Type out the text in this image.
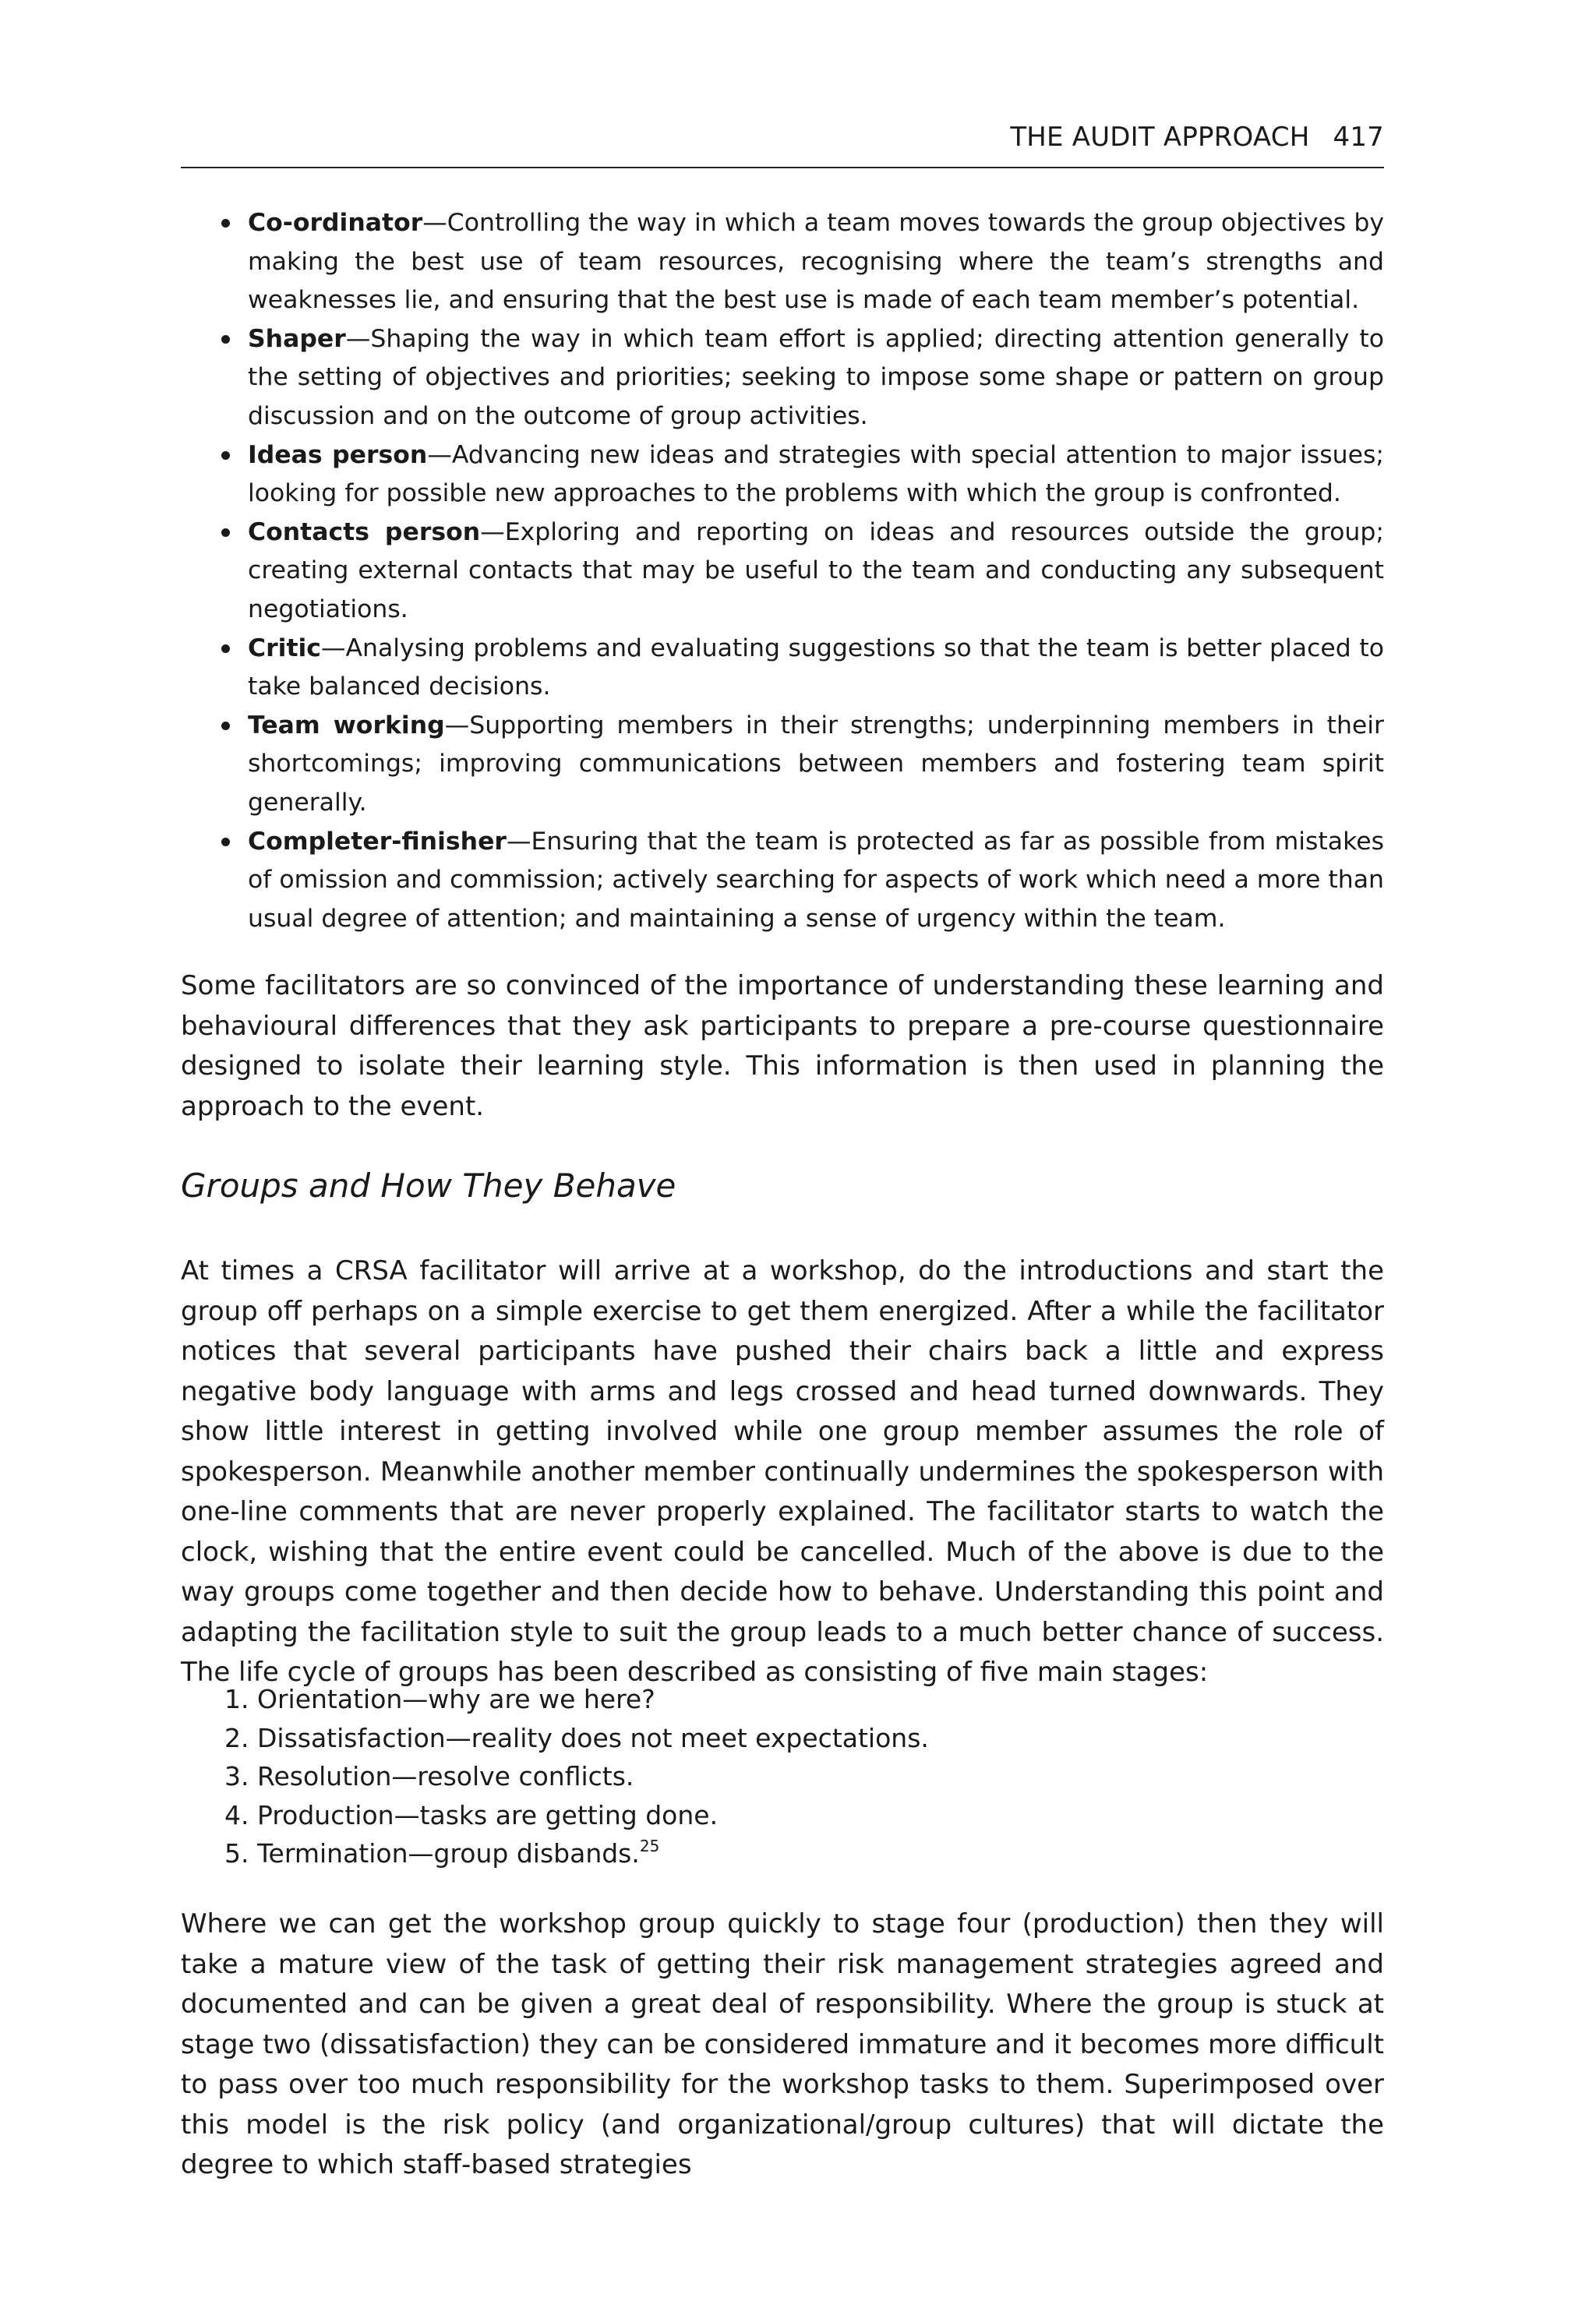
THE AUDIT APPROACH 417
Co-ordinator—Controlling the way in which a team moves towards the group objectives by making the best use of team resources, recognising where the team’s strengths and weaknesses lie, and ensuring that the best use is made of each team member’s potential.
Shaper—Shaping the way in which team effort is applied; directing attention generally to the setting of objectives and priorities; seeking to impose some shape or pattern on group discussion and on the outcome of group activities.
Ideas person—Advancing new ideas and strategies with special attention to major issues; looking for possible new approaches to the problems with which the group is confronted.
Contacts person—Exploring and reporting on ideas and resources outside the group; creating external contacts that may be useful to the team and conducting any subsequent negotiations.
Critic—Analysing problems and evaluating suggestions so that the team is better placed to take balanced decisions.
Team working—Supporting members in their strengths; underpinning members in their shortcomings; improving communications between members and fostering team spirit generally.
Completer-finisher—Ensuring that the team is protected as far as possible from mistakes of omission and commission; actively searching for aspects of work which need a more than usual degree of attention; and maintaining a sense of urgency within the team.

Some facilitators are so convinced of the importance of understanding these learning and behavioural differences that they ask participants to prepare a pre-course questionnaire designed to isolate their learning style. This information is then used in planning the approach to the event.

Groups and How They Behave

At times a CRSA facilitator will arrive at a workshop, do the introductions and start the group off perhaps on a simple exercise to get them energized. After a while the facilitator notices that several participants have pushed their chairs back a little and express negative body language with arms and legs crossed and head turned downwards. They show little interest in getting involved while one group member assumes the role of spokesperson. Meanwhile another member continually undermines the spokesperson with one-line comments that are never properly explained. The facilitator starts to watch the clock, wishing that the entire event could be cancelled. Much of the above is due to the way groups come together and then decide how to behave. Understanding this point and adapting the facilitation style to suit the group leads to a much better chance of success. The life cycle of groups has been described as consisting of five main stages:

1. Orientation—why are we here?
2. Dissatisfaction—reality does not meet expectations.
3. Resolution—resolve conflicts.
4. Production—tasks are getting done.
5. Termination—group disbands.$^{25}$

Where we can get the workshop group quickly to stage four (production) then they will take a mature view of the task of getting their risk management strategies agreed and documented and can be given a great deal of responsibility. Where the group is stuck at stage two (dissatisfaction) they can be considered immature and it becomes more difficult to pass over too much responsibility for the workshop tasks to them. Superimposed over this model is the risk policy (and organizational/group cultures) that will dictate the degree to which staff-based strategies
